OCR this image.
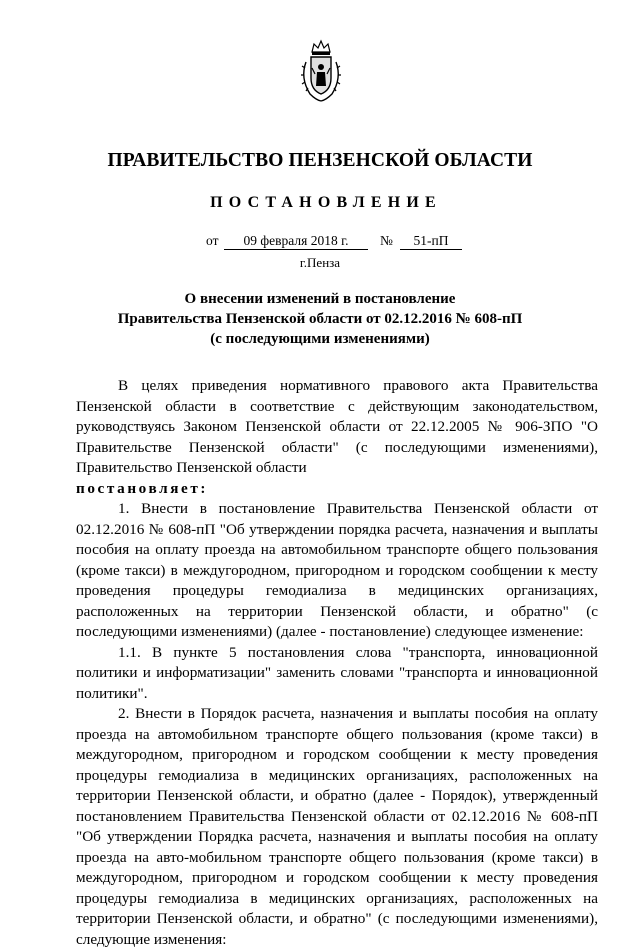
ПРАВИТЕЛЬСТВО ПЕНЗЕНСКОЙ ОБЛАСТИ
ПОСТАНОВЛЕНИЕ
от	09 февраля 2018 г.	№	51-пП
г.Пенза
О внесении изменений в постановление
Правительства Пензенской области от 02.12.2016 № 608-пП
(с последующими изменениями)

В целях приведения нормативного правового акта Правительства Пензенской области в соответствие с действующим законодательством, руководствуясь Законом Пензенской области от 22.12.2005 № 906-ЗПО "О Правительстве Пензенской области" (с последующими изменениями), Правительство Пензенской области

постановляет:

1. Внести в постановление Правительства Пензенской области от 02.12.2016 № 608-пП "Об утверждении порядка расчета, назначения и выплаты пособия на оплату проезда на автомобильном транспорте общего пользования (кроме такси) в междугородном, пригородном и городском сообщении к месту проведения процедуры гемодиализа в медицинских организациях, расположенных на территории Пензенской области, и обратно" (с последующими изменениями) (далее - постановление) следующее изменение:

1.1. В пункте 5 постановления слова "транспорта, инновационной политики и информатизации" заменить словами "транспорта и инновационной политики".

2. Внести в Порядок расчета, назначения и выплаты пособия на оплату проезда на автомобильном транспорте общего пользования (кроме такси) в междугородном, пригородном и городском сообщении к месту проведения процедуры гемодиализа в медицинских организациях, расположенных на территории Пензенской области, и обратно (далее - Порядок), утвержденный постановлением Правительства Пензенской области от 02.12.2016 № 608-пП "Об утверждении Порядка расчета, назначения и выплаты пособия на оплату проезда на авто-мобильном транспорте общего пользования (кроме такси) в междугородном, пригородном и городском сообщении к месту проведения процедуры гемодиализа в медицинских организациях, расположенных на территории Пензенской области, и обратно" (с последующими изменениями), следующие изменения:
